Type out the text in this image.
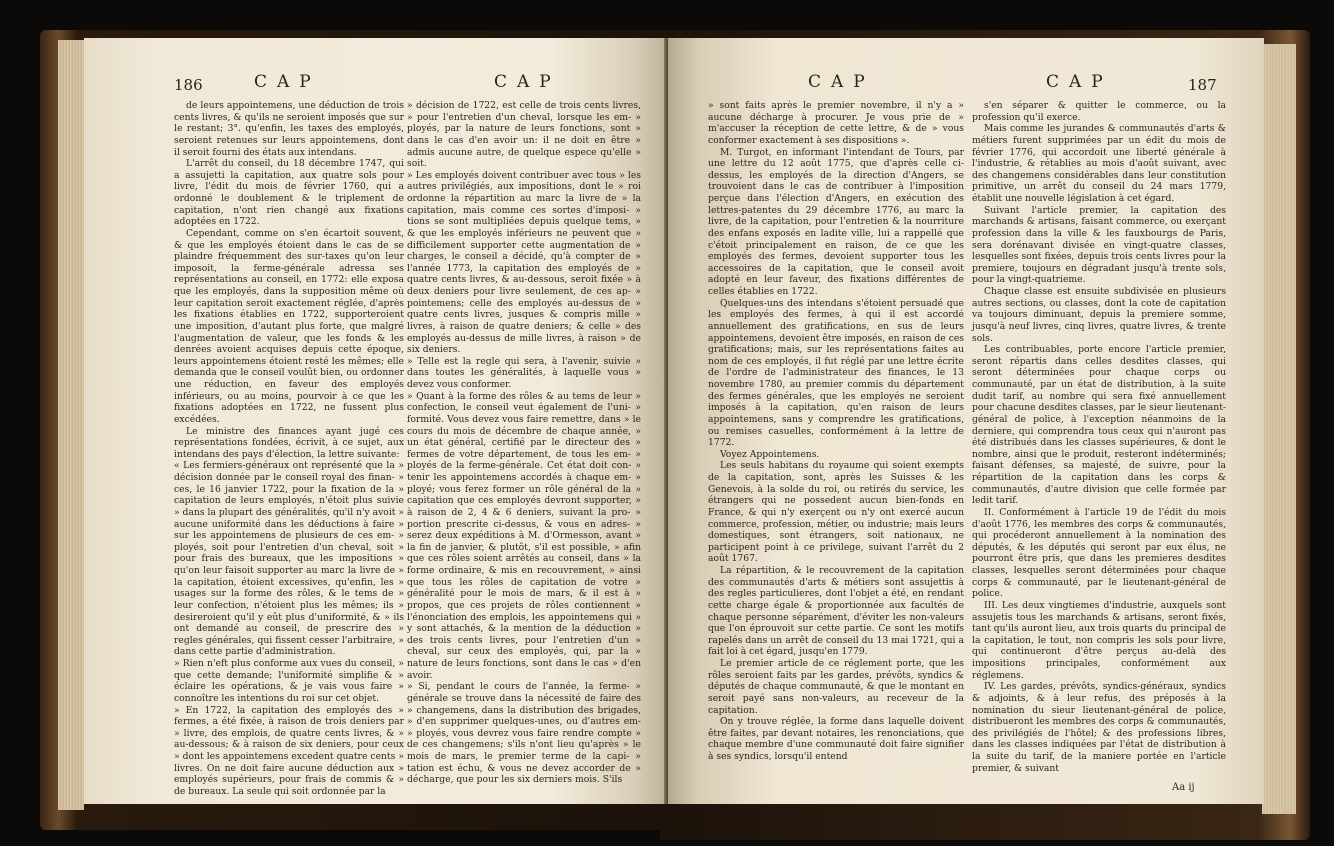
186	CAP	CAP

de leurs appointemens, une déduction de trois cents livres, & qu'ils ne seroient imposés que sur le restant; 3°. qu'enfin, les taxes des employés, seroient retenues sur leurs appointemens, dont il seroit fourni des états aux intendans.

L'arrêt du conseil, du 18 décembre 1747, qui a assujetti la capitation, aux quatre sols pour livre, l'édit du mois de février 1760, qui a ordonné le doublement & le triplement de capitation, n'ont rien changé aux fixations adoptées en 1722.

Cependant, comme on s'en écartoit souvent, & que les employés étoient dans le cas de se plaindre fréquemment des sur-taxes qu'on leur imposoit, la ferme-générale adressa ses représentations au conseil, en 1772: elle exposa que les employés, dans la supposition même où leur capitation seroit exactement réglée, d'après les fixations établies en 1722, supporteroient une imposition, d'autant plus forte, que malgré l'augmentation de valeur, que les fonds & les denrées avoient acquises depuis cette époque, leurs appointemens étoient resté les mêmes; elle demanda que le conseil voulût bien, ou ordonner une réduction, en faveur des employés inférieurs, ou au moins, pourvoir à ce que les fixations adoptées en 1722, ne fussent plus excédées.

Le ministre des finances ayant jugé ces représentations fondées, écrivit, à ce sujet, aux intendans des pays d'élection, la lettre suivante:

« Les fermiers-généraux ont représenté que la » décision donnée par le conseil royal des finan- » ces, le 16 janvier 1722, pour la fixation de la » capitation de leurs employés, n'étoit plus suivie » dans la plupart des généralités, qu'il n'y avoit » aucune uniformité dans les déductions à faire » sur les appointemens de plusieurs de ces em- » ployés, soit pour l'entretien d'un cheval, soit » pour frais des bureaux, que les impositions » qu'on leur faisoit supporter au marc la livre de » la capitation, étoient excessives, qu'enfin, les » usages sur la forme des rôles, & le tems de » leur confection, n'étoient plus les mêmes; ils » desireroient qu'il y eût plus d'uniformité, & » ils ont demandé au conseil, de prescrire des » regles générales, qui fissent cesser l'arbitraire, » dans cette partie d'administration.

» Rien n'eft plus conforme aux vues du conseil, » que cette demande; l'uniformité simplifie & » éclaire les opérations, & je vais vous faire » connoître les intentions du roi sur cet objet.

» En 1722, la capitation des employés des » fermes, a été fixée, à raison de trois deniers par » livre, des emplois, de quatre cents livres, & » au-dessous; & à raison de six deniers, pour ceux » dont les appointemens excedent quatre cents » livres. On ne doit faire aucune déduction aux » employés supérieurs, pour frais de commis & » de bureaux. La seule qui soit ordonnée par la

» décision de 1722, est celle de trois cents livres, » pour l'entretien d'un cheval, lorsque les em- » ployés, par la nature de leurs fonctions, sont » dans le cas d'en avoir un: il ne doit en être » admis aucune autre, de quelque espece qu'elle » soit.

» Les employés doivent contribuer avec tous » les autres privilégiés, aux impositions, dont le » roi ordonne la répartition au marc la livre de » la capitation, mais comme ces sortes d'imposi- » tions se sont multipliées depuis quelque tems, » & que les employés inférieurs ne peuvent que » difficilement supporter cette augmentation de » charges, le conseil a décidé, qu'à compter de » l'année 1773, la capitation des employés de » quatre cents livres, & au-dessous, seroit fixée » à deux deniers pour livre seulement, de ces ap- » pointemens; celle des employés au-dessus de » quatre cents livres, jusques & compris mille » livres, à raison de quatre deniers; & celle » des employés au-dessus de mille livres, à raison » de six deniers.

» Telle est la regle qui sera, à l'avenir, suivie » dans toutes les généralités, à laquelle vous » devez vous conformer.

» Quant à la forme des rôles & au tems de leur » confection, le conseil veut également de l'uni- » formité. Vous devez vous faire remettre, dans » le cours du mois de décembre de chaque année, » un état général, certifié par le directeur des » fermes de votre département, de tous les em- » ployés de la ferme-générale. Cet état doit con- » tenir les appointemens accordés à chaque em- » ployé; vous ferez former un rôle général de la » capitation que ces employés devront supporter, » à raison de 2, 4 & 6 deniers, suivant la pro- » portion prescrite ci-dessus, & vous en adres- » serez deux expéditions à M. d'Ormesson, avant » la fin de janvier, & plutôt, s'il est possible, » afin que ces rôles soient arrêtés au conseil, dans » la forme ordinaire, & mis en recouvrement, » ainsi que tous les rôles de capitation de votre » généralité pour le mois de mars, & il est à » propos, que ces projets de rôles contiennent » l'énonciation des emplois, les appointemens qui » y sont attachés, & la mention de la déduction » des trois cents livres, pour l'entretien d'un » cheval, sur ceux des employés, qui, par la » nature de leurs fonctions, sont dans le cas » d'en avoir.

» Si, pendant le cours de l'année, la ferme- » générale se trouve dans la nécessité de faire des » changemens, dans la distribution des brigades, » d'en supprimer quelques-unes, ou d'autres em- » ployés, vous devrez vous faire rendre compte » de ces changemens; s'ils n'ont lieu qu'après » le mois de mars, le premier terme de la capi- » tation est échu, & vous ne devez accorder de » décharge, que pour les six derniers mois. S'ils

CAP	CAP	187

» sont faits après le premier novembre, il n'y a » aucune décharge à procurer. Je vous prie de » m'accuser la réception de cette lettre, & de » vous conformer exactement à ses dispositions ».

M. Turgot, en informant l'intendant de Tours, par une lettre du 12 août 1775, que d'après celle ci-dessus, les employés de la direction d'Angers, se trouvoient dans le cas de contribuer à l'imposition perçue dans l'élection d'Angers, en exécution des lettres-patentes du 29 décembre 1776, au marc la livre, de la capitation, pour l'entretien & la nourriture des enfans exposés en ladite ville, lui a rappellé que c'étoit principalement en raison, de ce que les employés des fermes, devoient supporter tous les accessoires de la capitation, que le conseil avoit adopté en leur faveur, des fixations différentes de celles établies en 1722.

Quelques-uns des intendans s'étoient persuadé que les employés des fermes, à qui il est accordé annuellement des gratifications, en sus de leurs appointemens, devoient être imposés, en raison de ces gratifications; mais, sur les représentations faites au nom de ces employés, il fut réglé par une lettre écrite de l'ordre de l'administrateur des finances, le 13 novembre 1780, au premier commis du département des fermes générales, que les employés ne seroient imposés à la capitation, qu'en raison de leurs appointemens, sans y comprendre les gratifications, ou remises casuelles, conformément à la lettre de 1772.

Voyez Appointemens.

Les seuls habitans du royaume qui soient exempts de la capitation, sont, après les Suisses & les Genevois, à la solde du roi, ou retirés du service, les étrangers qui ne possedent aucun bien-fonds en France, & qui n'y exerçent ou n'y ont exercé aucun commerce, profession, métier, ou industrie; mais leurs domestiques, sont étrangers, soit nationaux, ne participent point à ce privilege, suivant l'arrêt du 2 août 1767.

La répartition, & le recouvrement de la capitation des communautés d'arts & métiers sont assujettis à des regles particulieres, dont l'objet a été, en rendant cette charge égale & proportionnée aux facultés de chaque personne séparément, d'éviter les non-valeurs que l'on éprouvoit sur cette partie. Ce sont les motifs rapelés dans un arrêt de conseil du 13 mai 1721, qui a fait loi à cet égard, jusqu'en 1779.

Le premier article de ce réglement porte, que les rôles seroient faits par les gardes, prévôts, syndics & députés de chaque communauté, & que le montant en seroit payé sans non-valeurs, au receveur de la capitation.

On y trouve réglée, la forme dans laquelle doivent être faites, par devant notaires, les renonciations, que chaque membre d'une communauté doit faire signifier à ses syndics, lorsqu'il entend

s'en séparer & quitter le commerce, ou la profession qu'il exerce.

Mais comme les jurandes & communautés d'arts & métiers furent supprimées par un édit du mois de février 1776, qui accordoit une liberté générale à l'industrie, & rétablies au mois d'août suivant, avec des changemens considérables dans leur constitution primitive, un arrêt du conseil du 24 mars 1779, établit une nouvelle législation à cet égard.

Suivant l'article premier, la capitation des marchands & artisans, faisant commerce, ou exerçant profession dans la ville & les fauxbourgs de Paris, sera dorénavant divisée en vingt-quatre classes, lesquelles sont fixées, depuis trois cents livres pour la premiere, toujours en dégradant jusqu'à trente sols, pour la vingt-quatrieme.

Chaque classe est ensuite subdivisée en plusieurs autres sections, ou classes, dont la cote de capitation va toujours diminuant, depuis la premiere somme, jusqu'à neuf livres, cinq livres, quatre livres, & trente sols.

Les contribuables, porte encore l'article premier, seront répartis dans celles desdites classes, qui seront déterminées pour chaque corps ou communauté, par un état de distribution, à la suite dudit tarif, au nombre qui sera fixé annuellement pour chacune desdites classes, par le sieur lieutenant-général de police, à l'exception néanmoins de la derniere, qui comprendra tous ceux qui n'auront pas été distribués dans les classes supérieures, & dont le nombre, ainsi que le produit, resteront indéterminés; faisant défenses, sa majesté, de suivre, pour la répartition de la capitation dans les corps & communautés, d'autre division que celle formée par ledit tarif.

II. Conformément à l'article 19 de l'édit du mois d'août 1776, les membres des corps & communautés, qui procéderont annuellement à la nomination des députés, & les députés qui seront par eux élus, ne pourront être pris, que dans les premieres desdites classes, lesquelles seront déterminées pour chaque corps & communauté, par le lieutenant-général de police.

III. Les deux vingtiemes d'industrie, auxquels sont assujetis tous les marchands & artisans, seront fixés, tant qu'ils auront lieu, aux trois quarts du principal de la capitation, le tout, non compris les sols pour livre, qui continueront d'être perçus au-delà des impositions principales, conformément aux réglemens.

IV. Les gardes, prévôts, syndics-généraux, syndics & adjoints, & à leur refus, des préposés à la nomination du sieur lieutenant-général de police, distribueront les membres des corps & communautés, des privilégiés de l'hôtel; & des professions libres, dans les classes indiquées par l'état de distribution à la suite du tarif, de la maniere portée en l'article premier, & suivant

Aa ij
